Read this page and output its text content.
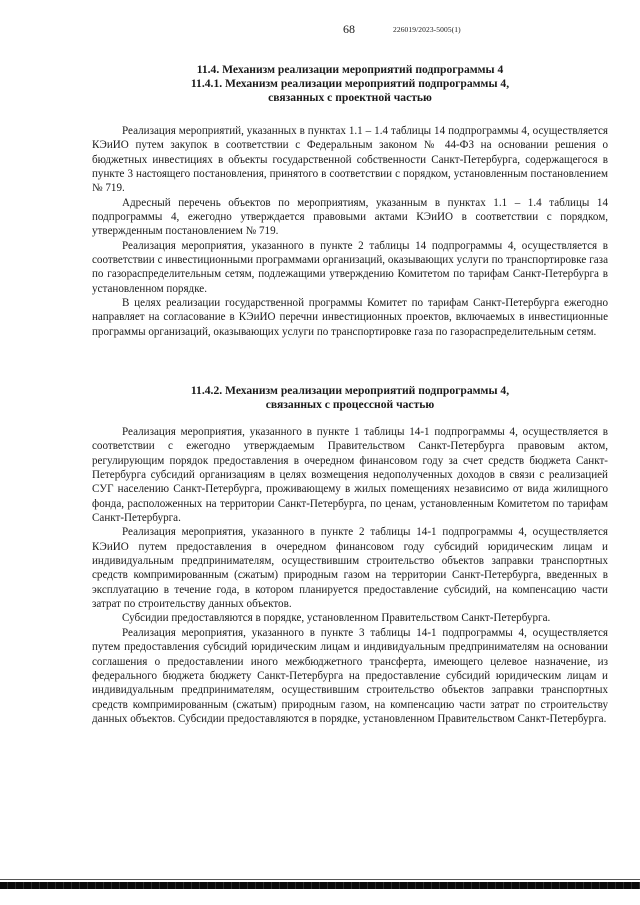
68	226019/2023-5005(1)
11.4. Механизм реализации мероприятий подпрограммы 4
11.4.1. Механизм реализации мероприятий подпрограммы 4,
связанных с проектной частью

Реализация мероприятий, указанных в пунктах 1.1 – 1.4 таблицы 14 подпрограммы 4, осуществляется КЭиИО путем закупок в соответствии с Федеральным законом № 44-ФЗ на основании решения о бюджетных инвестициях в объекты государственной собственности Санкт-Петербурга, содержащегося в пункте 3 настоящего постановления, принятого в соответствии с порядком, установленным постановлением № 719.

Адресный перечень объектов по мероприятиям, указанным в пунктах 1.1 – 1.4 таблицы 14 подпрограммы 4, ежегодно утверждается правовыми актами КЭиИО в соответствии с порядком, утвержденным постановлением № 719.

Реализация мероприятия, указанного в пункте 2 таблицы 14 подпрограммы 4, осуществляется в соответствии с инвестиционными программами организаций, оказывающих услуги по транспортировке газа по газораспределительным сетям, подлежащими утверждению Комитетом по тарифам Санкт-Петербурга в установленном порядке.

В целях реализации государственной программы Комитет по тарифам Санкт-Петербурга ежегодно направляет на согласование в КЭиИО перечни инвестиционных проектов, включаемых в инвестиционные программы организаций, оказывающих услуги по транспортировке газа по газораспределительным сетям.

11.4.2. Механизм реализации мероприятий подпрограммы 4,
связанных с процессной частью

Реализация мероприятия, указанного в пункте 1 таблицы 14-1 подпрограммы 4, осуществляется в соответствии с ежегодно утверждаемым Правительством Санкт-Петербурга правовым актом, регулирующим порядок предоставления в очередном финансовом году за счет средств бюджета Санкт-Петербурга субсидий организациям в целях возмещения недополученных доходов в связи с реализацией СУГ населению Санкт-Петербурга, проживающему в жилых помещениях независимо от вида жилищного фонда, расположенных на территории Санкт-Петербурга, по ценам, установленным Комитетом по тарифам Санкт-Петербурга.

Реализация мероприятия, указанного в пункте 2 таблицы 14-1 подпрограммы 4, осуществляется КЭиИО путем предоставления в очередном финансовом году субсидий юридическим лицам и индивидуальным предпринимателям, осуществившим строительство объектов заправки транспортных средств компримированным (сжатым) природным газом на территории Санкт-Петербурга, введенных в эксплуатацию в течение года, в котором планируется предоставление субсидий, на компенсацию части затрат по строительству данных объектов.

Субсидии предоставляются в порядке, установленном Правительством Санкт-Петербурга.

Реализация мероприятия, указанного в пункте 3 таблицы 14-1 подпрограммы 4, осуществляется путем предоставления субсидий юридическим лицам и индивидуальным предпринимателям на основании соглашения о предоставлении иного межбюджетного трансферта, имеющего целевое назначение, из федерального бюджета бюджету Санкт-Петербурга на предоставление субсидий юридическим лицам и индивидуальным предпринимателям, осуществившим строительство объектов заправки транспортных средств компримированным (сжатым) природным газом, на компенсацию части затрат по строительству данных объектов. Субсидии предоставляются в порядке, установленном Правительством Санкт-Петербурга.
